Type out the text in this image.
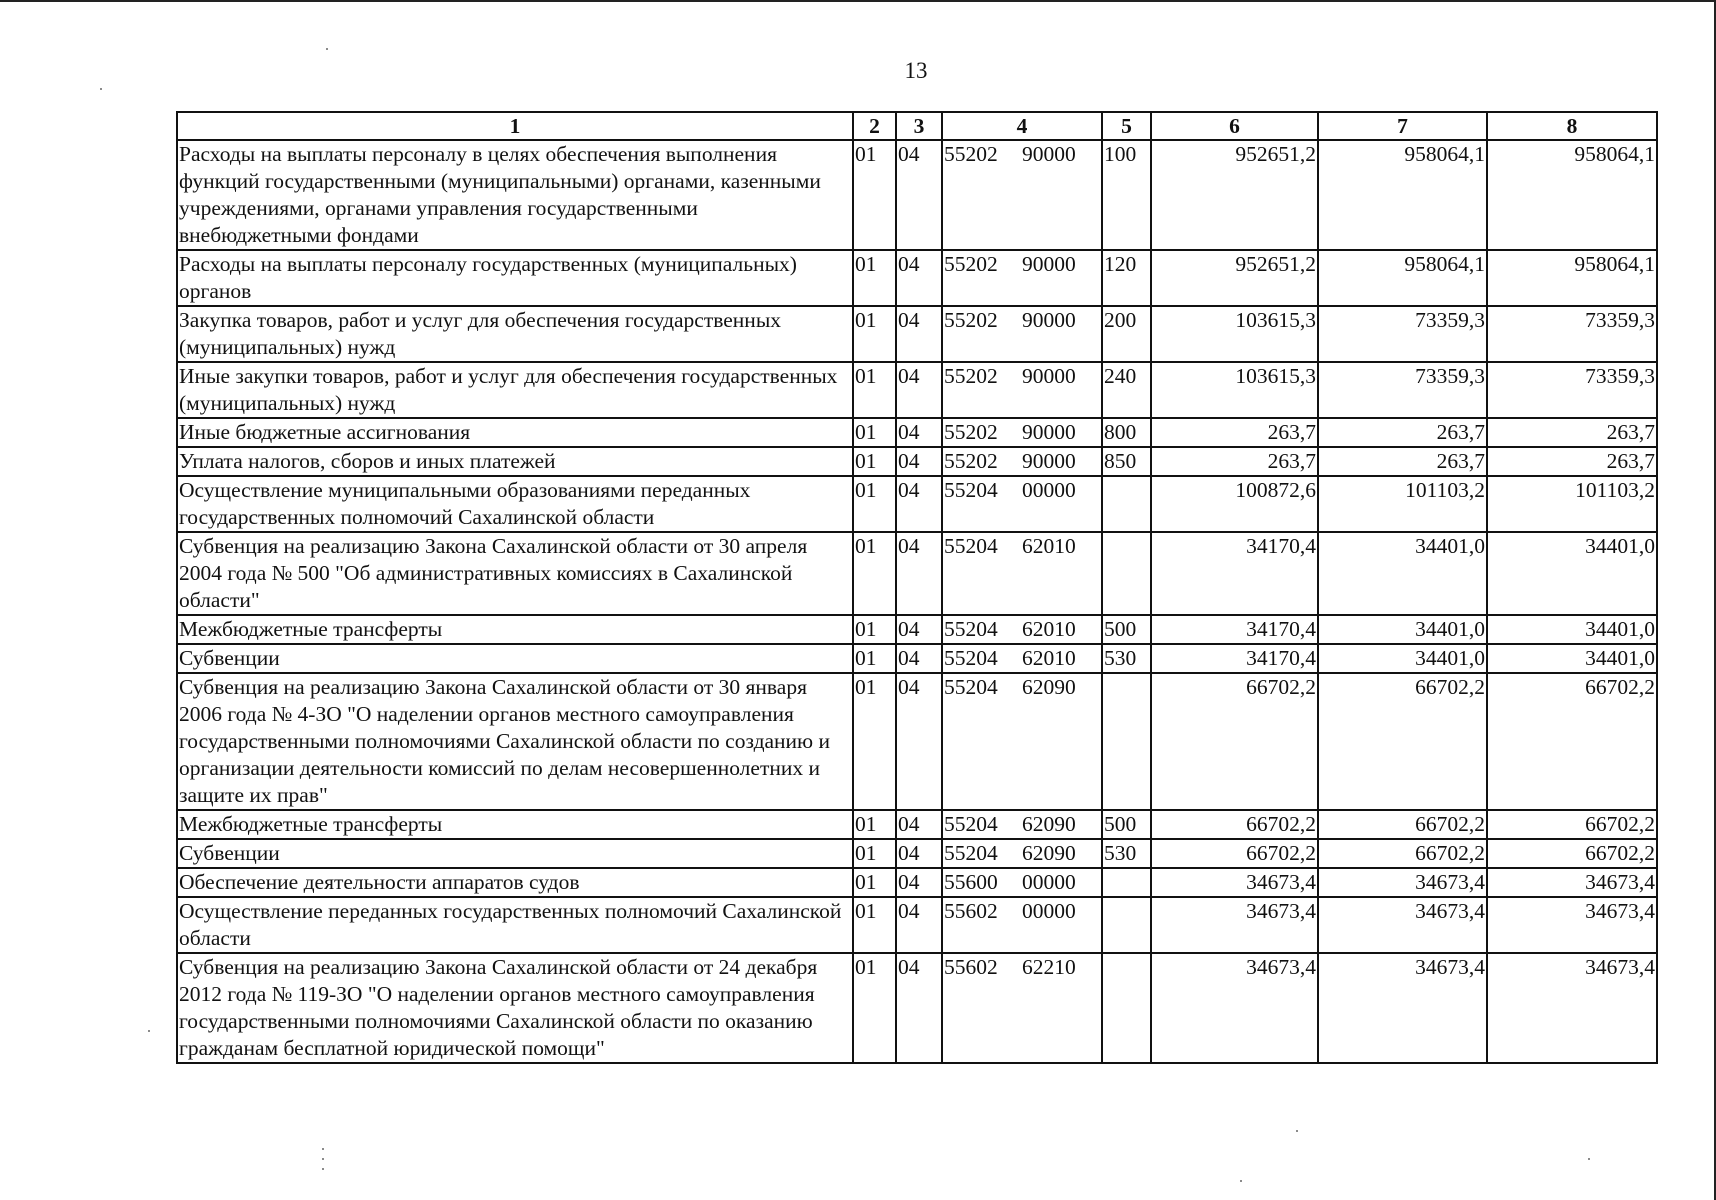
13
1	2	3	4	5	6	7	8
Расходы на выплаты персоналу в целях обеспечения выполнения функций государственными (муниципальными) органами, казенными учреждениями, органами управления государственными внебюджетными фондами	01	04	55202 90000	100	952651,2	958064,1	958064,1
Расходы на выплаты персоналу государственных (муниципальных) органов	01	04	55202 90000	120	952651,2	958064,1	958064,1
Закупка товаров, работ и услуг для обеспечения государственных (муниципальных) нужд	01	04	55202 90000	200	103615,3	73359,3	73359,3
Иные закупки товаров, работ и услуг для обеспечения государственных (муниципальных) нужд	01	04	55202 90000	240	103615,3	73359,3	73359,3
Иные бюджетные ассигнования	01	04	55202 90000	800	263,7	263,7	263,7
Уплата налогов, сборов и иных платежей	01	04	55202 90000	850	263,7	263,7	263,7
Осуществление муниципальными образованиями переданных государственных полномочий Сахалинской области	01	04	55204 00000		100872,6	101103,2	101103,2
Субвенция на реализацию Закона Сахалинской области от 30 апреля 2004 года № 500 "Об административных комиссиях в Сахалинской области"	01	04	55204 62010		34170,4	34401,0	34401,0
Межбюджетные трансферты	01	04	55204 62010	500	34170,4	34401,0	34401,0
Субвенции	01	04	55204 62010	530	34170,4	34401,0	34401,0
Субвенция на реализацию Закона Сахалинской области от 30 января 2006 года № 4-ЗО "О наделении органов местного самоуправления государственными полномочиями Сахалинской области по созданию и организации деятельности комиссий по делам несовершеннолетних и защите их прав"	01	04	55204 62090		66702,2	66702,2	66702,2
Межбюджетные трансферты	01	04	55204 62090	500	66702,2	66702,2	66702,2
Субвенции	01	04	55204 62090	530	66702,2	66702,2	66702,2
Обеспечение деятельности аппаратов судов	01	04	55600 00000		34673,4	34673,4	34673,4
Осуществление переданных государственных полномочий Сахалинской области	01	04	55602 00000		34673,4	34673,4	34673,4
Субвенция на реализацию Закона Сахалинской области от 24 декабря 2012 года № 119-ЗО "О наделении органов местного самоуправления государственными полномочиями Сахалинской области по оказанию гражданам бесплатной юридической помощи"	01	04	55602 62210		34673,4	34673,4	34673,4
